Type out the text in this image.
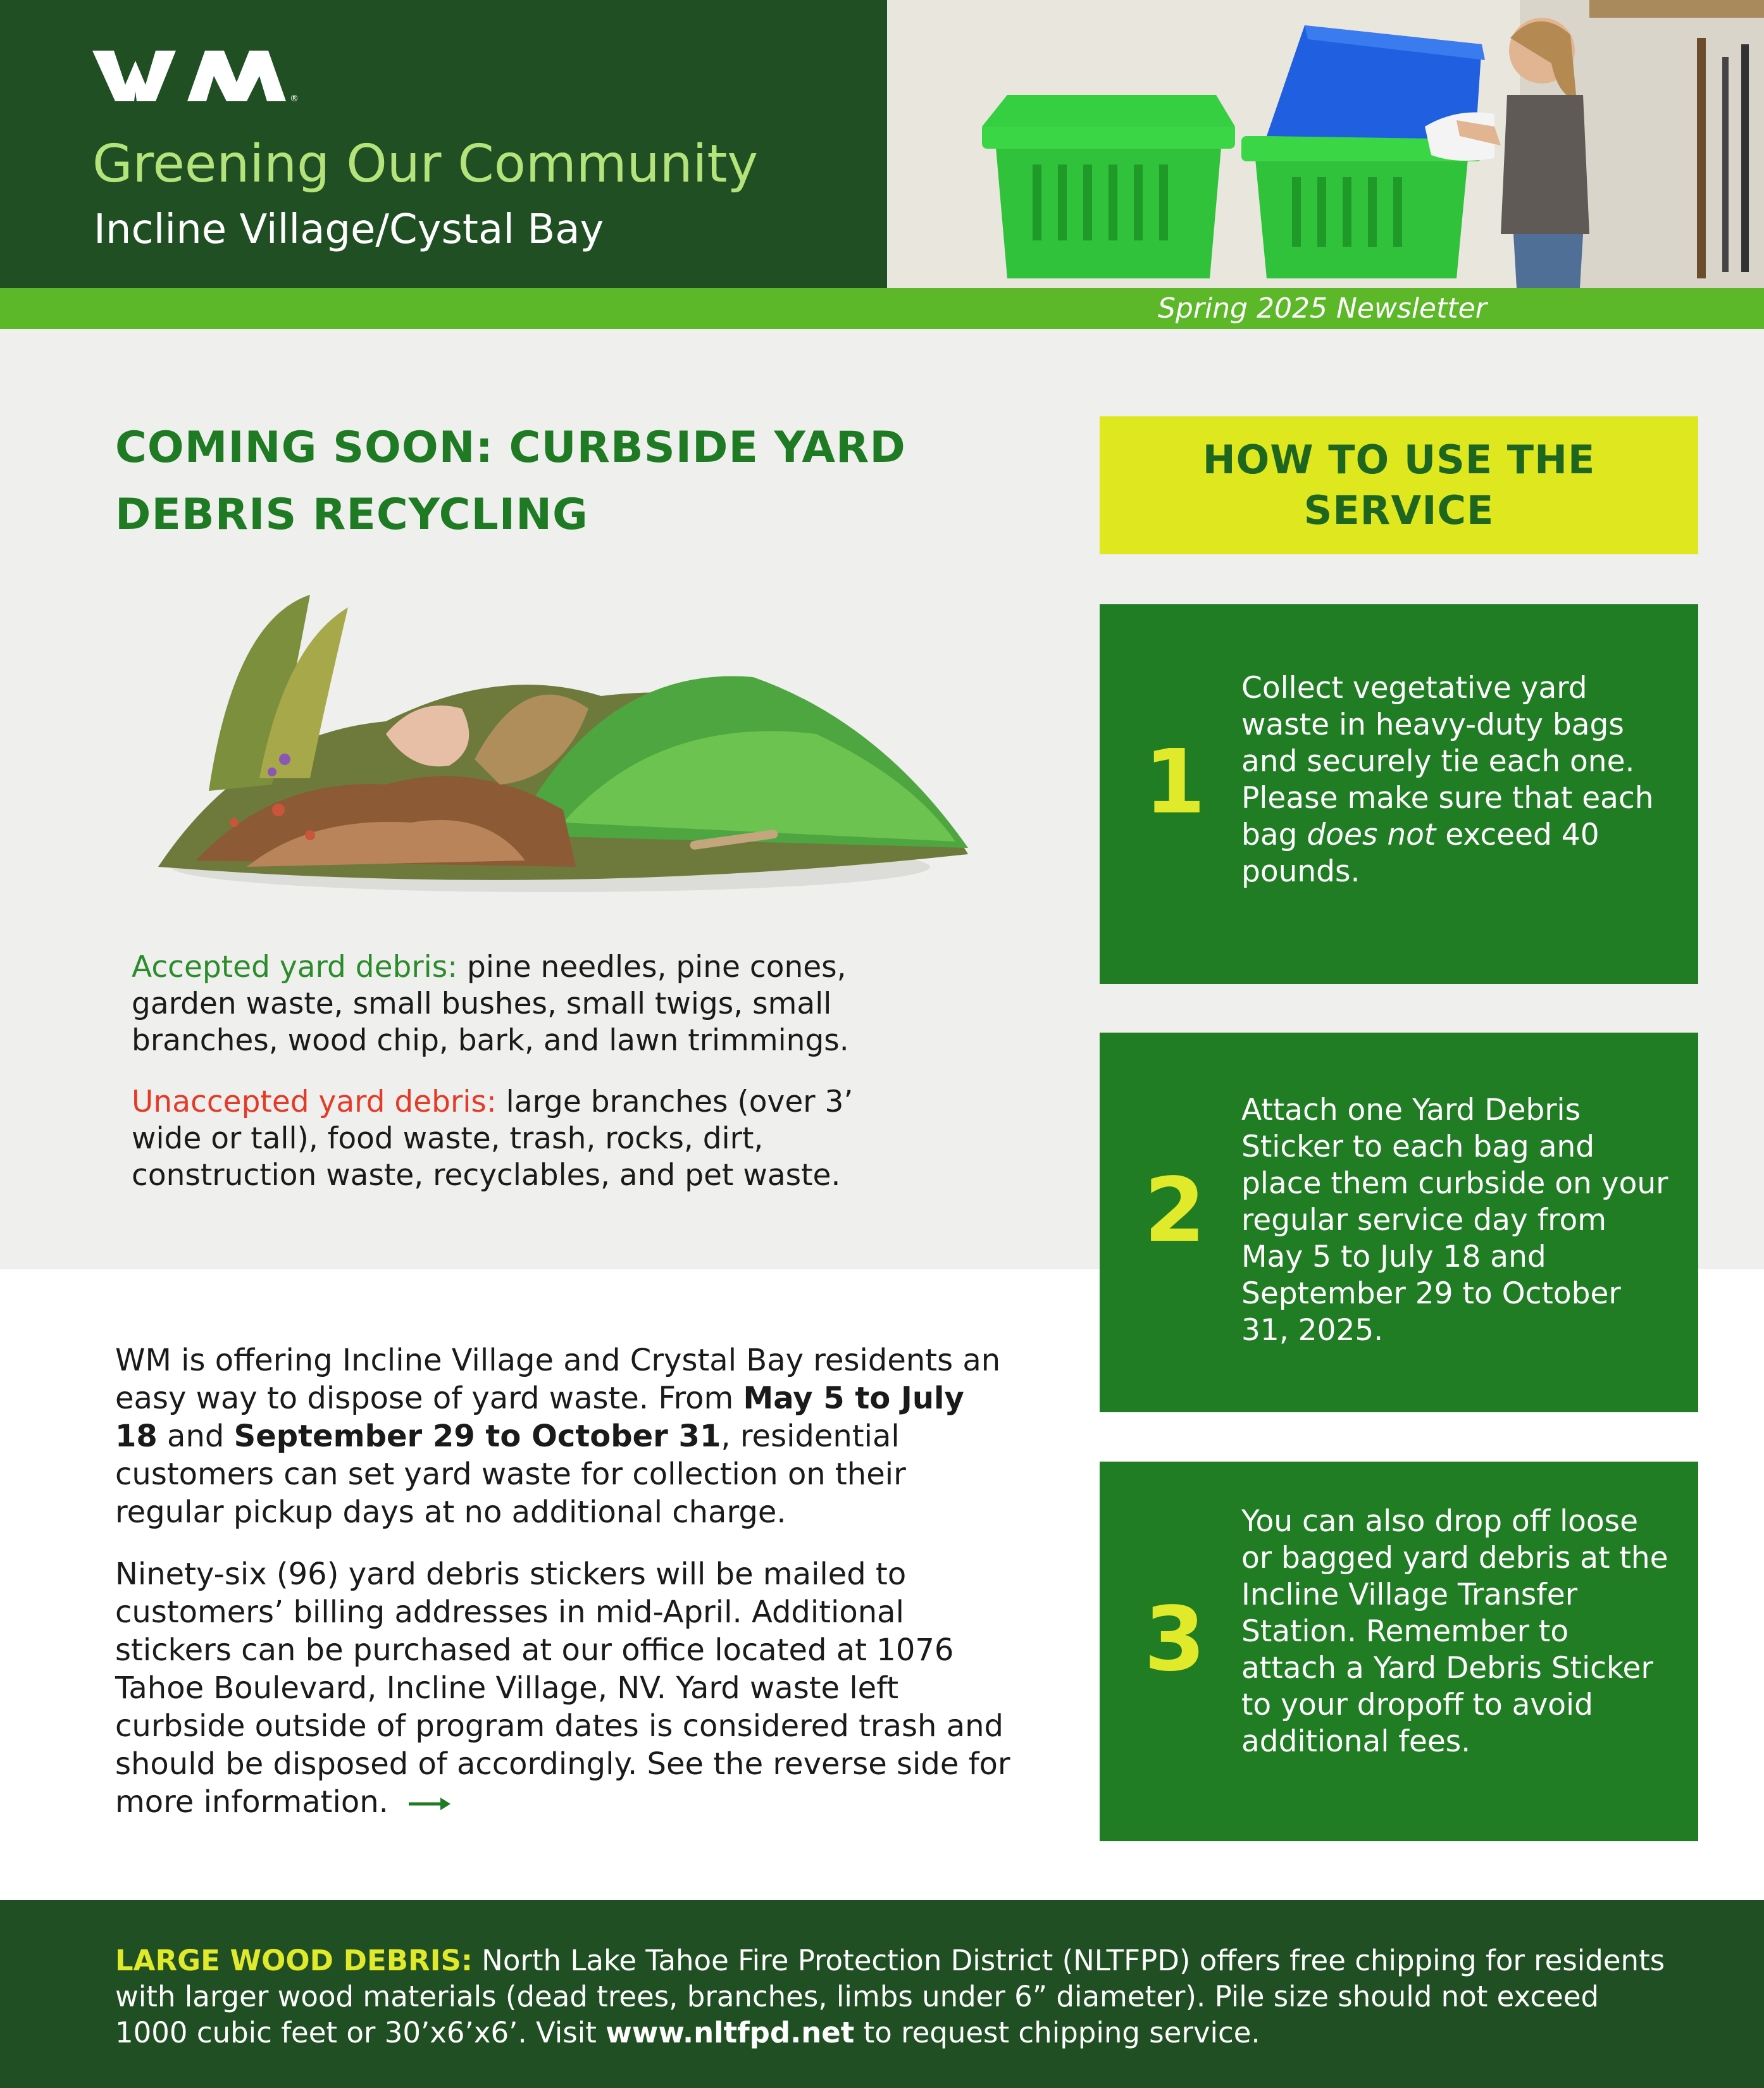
®
Greening Our Community
Incline Village/Cystal Bay
Spring 2025 Newsletter
COMING SOON: CURBSIDE YARD
DEBRIS RECYCLING
Accepted yard debris: pine needles, pine cones, garden waste, small bushes, small twigs, small branches, wood chip, bark, and lawn trimmings.
Unaccepted yard debris: large branches (over 3’ wide or tall), food waste, trash, rocks, dirt, construction waste, recyclables, and pet waste.
WM is offering Incline Village and Crystal Bay residents an easy way to dispose of yard waste. From May 5 to July 18 and September 29 to October 31, residential customers can set yard waste for collection on their regular pickup days at no additional charge.
Ninety-six (96) yard debris stickers will be mailed to customers’ billing addresses in mid-April. Additional stickers can be purchased at our office located at 1076 Tahoe Boulevard, Incline Village, NV. Yard waste left curbside outside of program dates is considered trash and should be disposed of accordingly. See the reverse side for more information.
HOW TO USE THE
SERVICE
1
Collect vegetative yard waste in heavy-duty bags and securely tie each one. Please make sure that each bag does not exceed 40 pounds.
2
Attach one Yard Debris Sticker to each bag and place them curbside on your regular service day from May 5 to July 18 and September 29 to October 31, 2025.
3
You can also drop off loose or bagged yard debris at the Incline Village Transfer Station. Remember to attach a Yard Debris Sticker to your dropoff to avoid additional fees.
LARGE WOOD DEBRIS: North Lake Tahoe Fire Protection District (NLTFPD) offers free chipping for residents with larger wood materials (dead trees, branches, limbs under 6” diameter). Pile size should not exceed 1000 cubic feet or 30’x6’x6’. Visit www.nltfpd.net to request chipping service.
